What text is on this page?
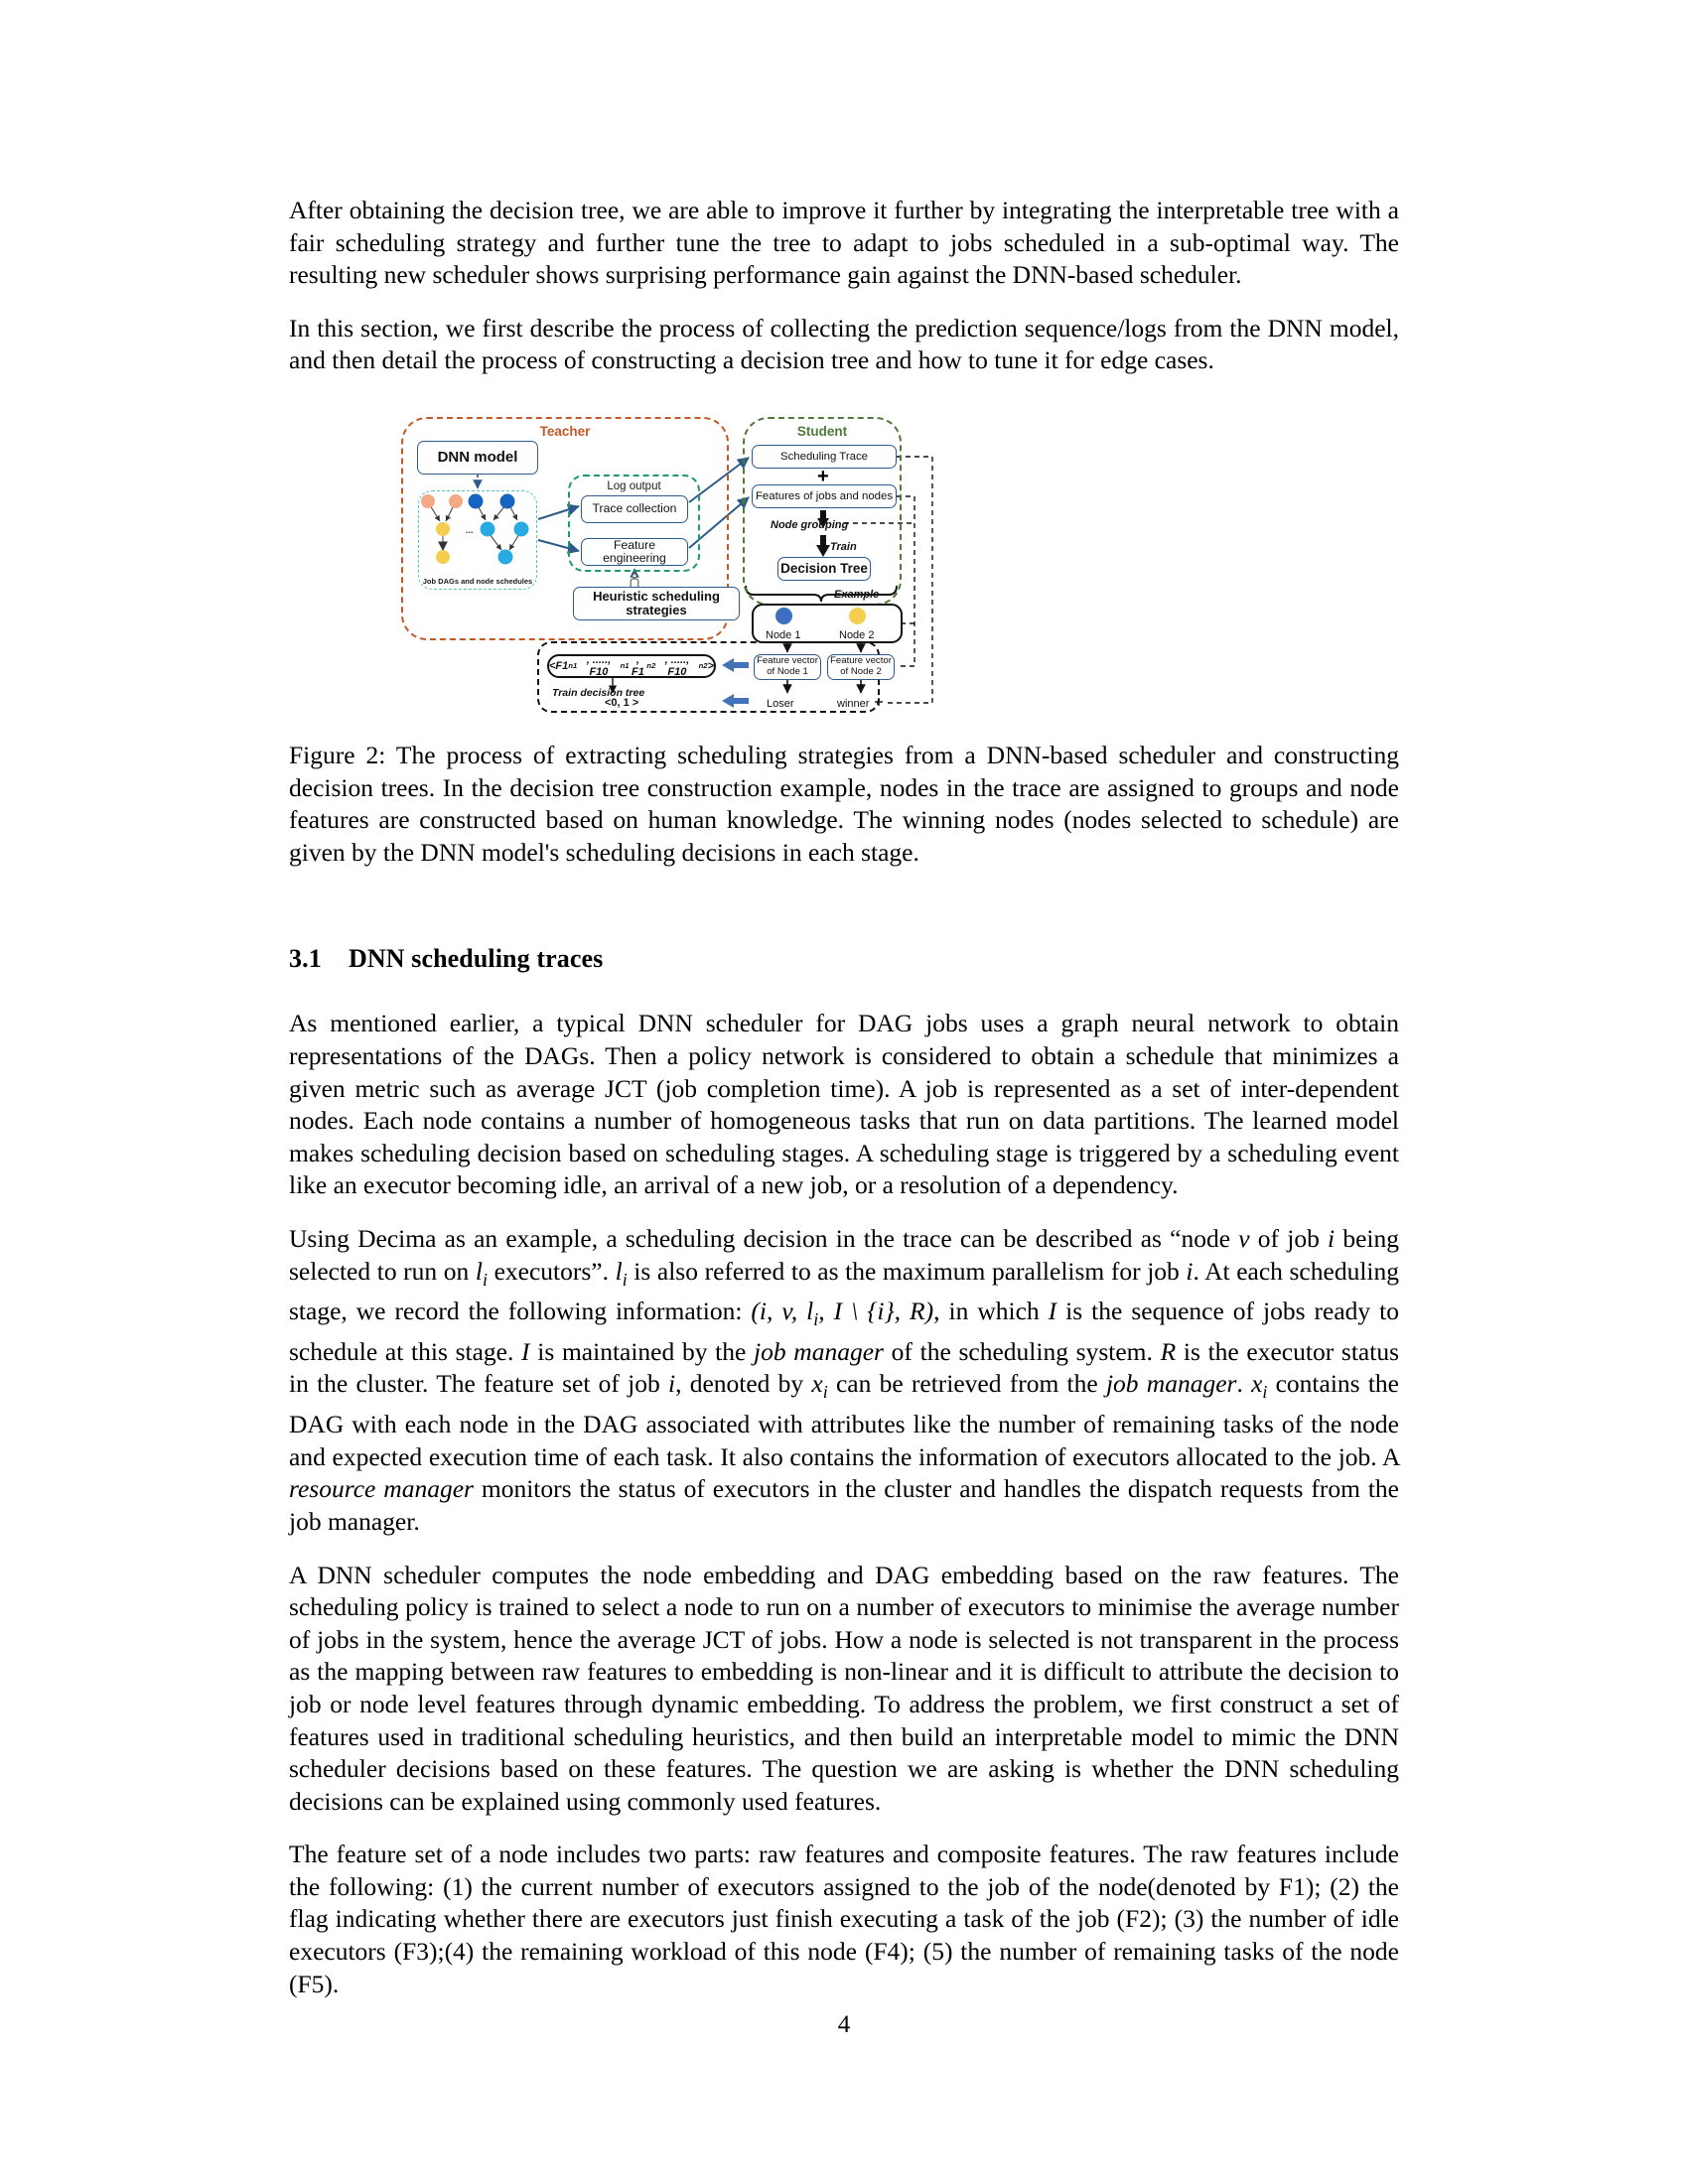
After obtaining the decision tree, we are able to improve it further by integrating the interpretable tree with a fair scheduling strategy and further tune the tree to adapt to jobs scheduled in a sub-optimal way. The resulting new scheduler shows surprising performance gain against the DNN-based scheduler.

In this section, we first describe the process of collecting the prediction sequence/logs from the DNN model, and then detail the process of constructing a decision tree and how to tune it for edge cases.

...
Teacher	Student
Log output
Job DAGs and node schedules
DNN model
Trace collection
Feature engineering
Heuristic scheduling strategies
Scheduling Trace
Features of jobs and nodes
Decision Tree
Feature vector of Node 1
Feature vector of Node 2
<F1 n1 , ....., F10
n1 , F1
n2 , ....., F10
n2 >
+
Node 1	Node 2
Loser	winner
<0, 1 >
Node grouping
Train
Example
Train decision tree

Figure 2: The process of extracting scheduling strategies from a DNN-based scheduler and constructing decision trees. In the decision tree construction example, nodes in the trace are assigned to groups and node features are constructed based on human knowledge. The winning nodes (nodes selected to schedule) are given by the DNN model's scheduling decisions in each stage.

3.1 DNN scheduling traces

As mentioned earlier, a typical DNN scheduler for DAG jobs uses a graph neural network to obtain representations of the DAGs. Then a policy network is considered to obtain a schedule that minimizes a given metric such as average JCT (job completion time). A job is represented as a set of inter-dependent nodes. Each node contains a number of homogeneous tasks that run on data partitions. The learned model makes scheduling decision based on scheduling stages. A scheduling stage is triggered by a scheduling event like an executor becoming idle, an arrival of a new job, or a resolution of a dependency.

Using Decima as an example, a scheduling decision in the trace can be described as “node v of job i being selected to run on $l_i$ executors”. $l_i$ is also referred to as the maximum parallelism for job i. At each scheduling stage, we record the following information: (i, v, $l_i$, I \ {i}, R), in which I is the sequence of jobs ready to schedule at this stage. I is maintained by the job manager of the scheduling system. R is the executor status in the cluster. The feature set of job i, denoted by $x_i$ can be retrieved from the job manager. $x_i$ contains the DAG with each node in the DAG associated with attributes like the number of remaining tasks of the node and expected execution time of each task. It also contains the information of executors allocated to the job. A resource manager monitors the status of executors in the cluster and handles the dispatch requests from the job manager.

A DNN scheduler computes the node embedding and DAG embedding based on the raw features. The scheduling policy is trained to select a node to run on a number of executors to minimise the average number of jobs in the system, hence the average JCT of jobs. How a node is selected is not transparent in the process as the mapping between raw features to embedding is non-linear and it is difficult to attribute the decision to job or node level features through dynamic embedding. To address the problem, we first construct a set of features used in traditional scheduling heuristics, and then build an interpretable model to mimic the DNN scheduler decisions based on these features. The question we are asking is whether the DNN scheduling decisions can be explained using commonly used features.

The feature set of a node includes two parts: raw features and composite features. The raw features include the following: (1) the current number of executors assigned to the job of the node(denoted by F1); (2) the flag indicating whether there are executors just finish executing a task of the job (F2); (3) the number of idle executors (F3);(4) the remaining workload of this node (F4); (5) the number of remaining tasks of the node (F5).

4
